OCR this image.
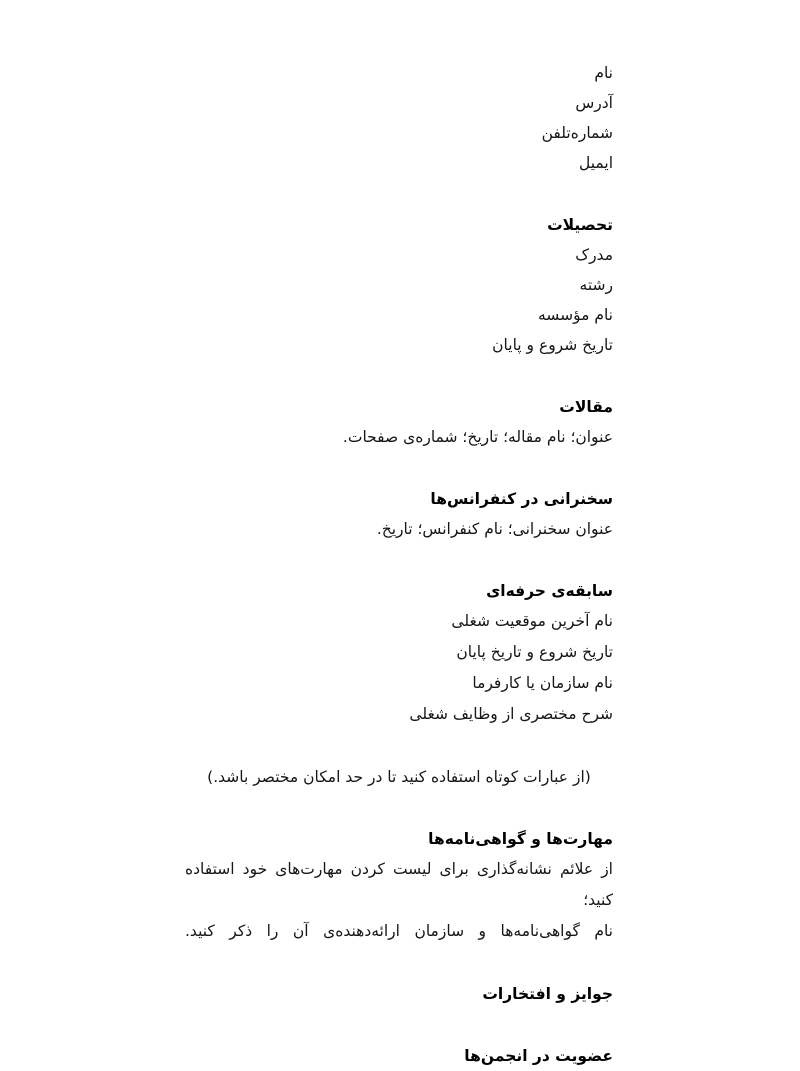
نام
آدرس
شماره‌تلفن
ایمیل
تحصیلات
مدرک
رشته
نام مؤسسه
تاریخ شروع و پایان
مقالات
عنوان؛ نام مقاله؛ تاریخ؛ شماره‌ی صفحات.
سخنرانی در کنفرانس‌ها
عنوان سخنرانی؛ نام کنفرانس؛ تاریخ.
سابقه‌ی حرفه‌ای
نام آخرین موقعیت شغلی
تاریخ شروع و تاریخ پایان
نام سازمان یا کارفرما
شرح مختصری از وظایف شغلی
(از عبارات کوتاه استفاده کنید تا در حد امکان مختصر باشد.)
مهارت‌ها و گواهی‌نامه‌ها
از علائم نشانه‌گذاری برای لیست کردن مهارت‌های خود استفاده کنید؛
نام گواهی‌نامه‌ها و سازمان ارائه‌دهنده‌ی آن را ذکر کنید.
جوایز و افتخارات
عضویت در انجمن‌ها
